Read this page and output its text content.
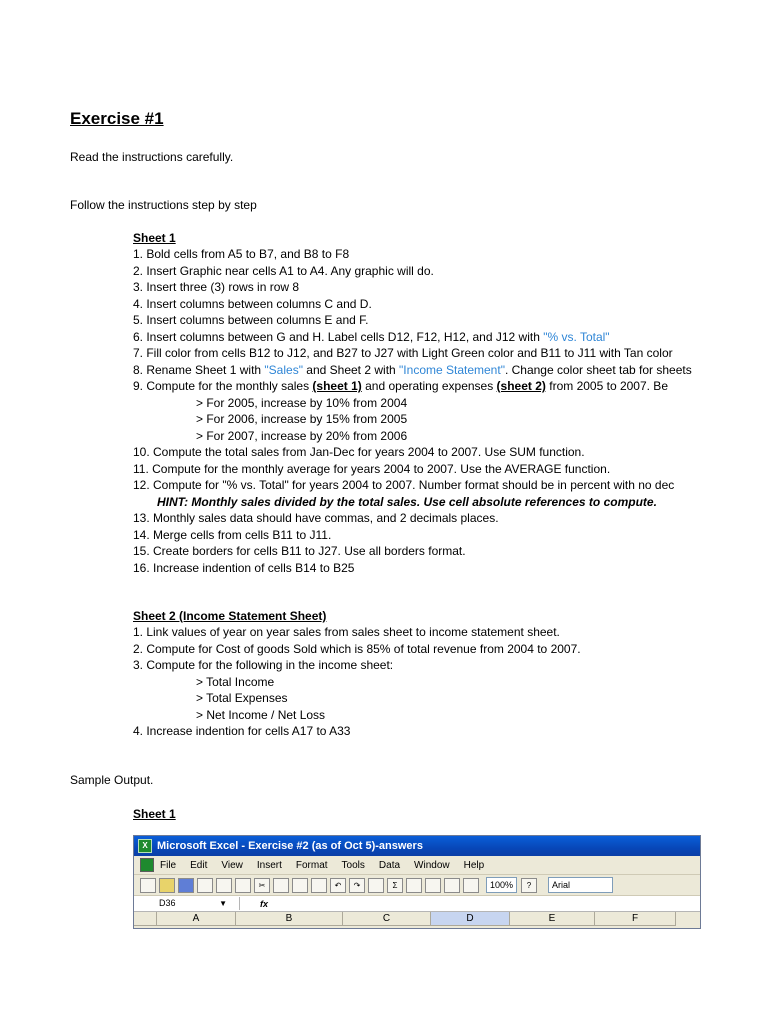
Exercise #1
Read the instructions carefully.
Follow the instructions step by step
Sheet 1
1. Bold cells from A5 to B7, and B8 to F8
2. Insert Graphic near cells A1 to A4. Any graphic will do.
3. Insert three (3) rows in row 8
4. Insert columns between columns C and D.
5. Insert columns between columns E and F.
6. Insert columns between G and H. Label cells D12, F12, H12, and J12 with "% vs. Total"
7. Fill color from cells B12 to J12, and B27 to J27 with Light Green color and B11 to J11 with Tan color
8. Rename Sheet 1 with "Sales" and Sheet 2 with "Income Statement". Change color sheet tab for sheets
9. Compute for the monthly sales (sheet 1) and operating expenses (sheet 2) from 2005 to 2007. Be
> For 2005, increase by 10% from 2004
> For 2006, increase by 15% from 2005
> For 2007, increase by 20% from 2006
10. Compute the total sales from Jan-Dec for years 2004 to 2007. Use SUM function.
11. Compute for the monthly average for years 2004 to 2007. Use the AVERAGE function.
12. Compute for "% vs. Total" for years 2004 to 2007. Number format should be in percent with no dec
HINT: Monthly sales divided by the total sales. Use cell absolute references to compute.
13. Monthly sales data should have commas, and 2 decimals places.
14. Merge cells from cells B11 to J11.
15. Create borders for cells B11 to J27. Use all borders format.
16. Increase indention of cells B14 to B25
Sheet 2 (Income Statement Sheet)
1. Link values of year on year sales from sales sheet to income statement sheet.
2. Compute for Cost of goods Sold which is 85% of total revenue from 2004 to 2007.
3. Compute for the following in the income sheet:
> Total Income
> Total Expenses
> Net Income / Net Loss
4. Increase indention for cells A17 to A33
Sample Output.
Sheet 1
X Microsoft Excel - Exercise #2 (as of Oct 5)-answers
File Edit View Insert Format Tools Data Window Help
✂	↶	↷	Σ	100%	?	Arial
D36	▼	fx
A	B	C	D	E	F
